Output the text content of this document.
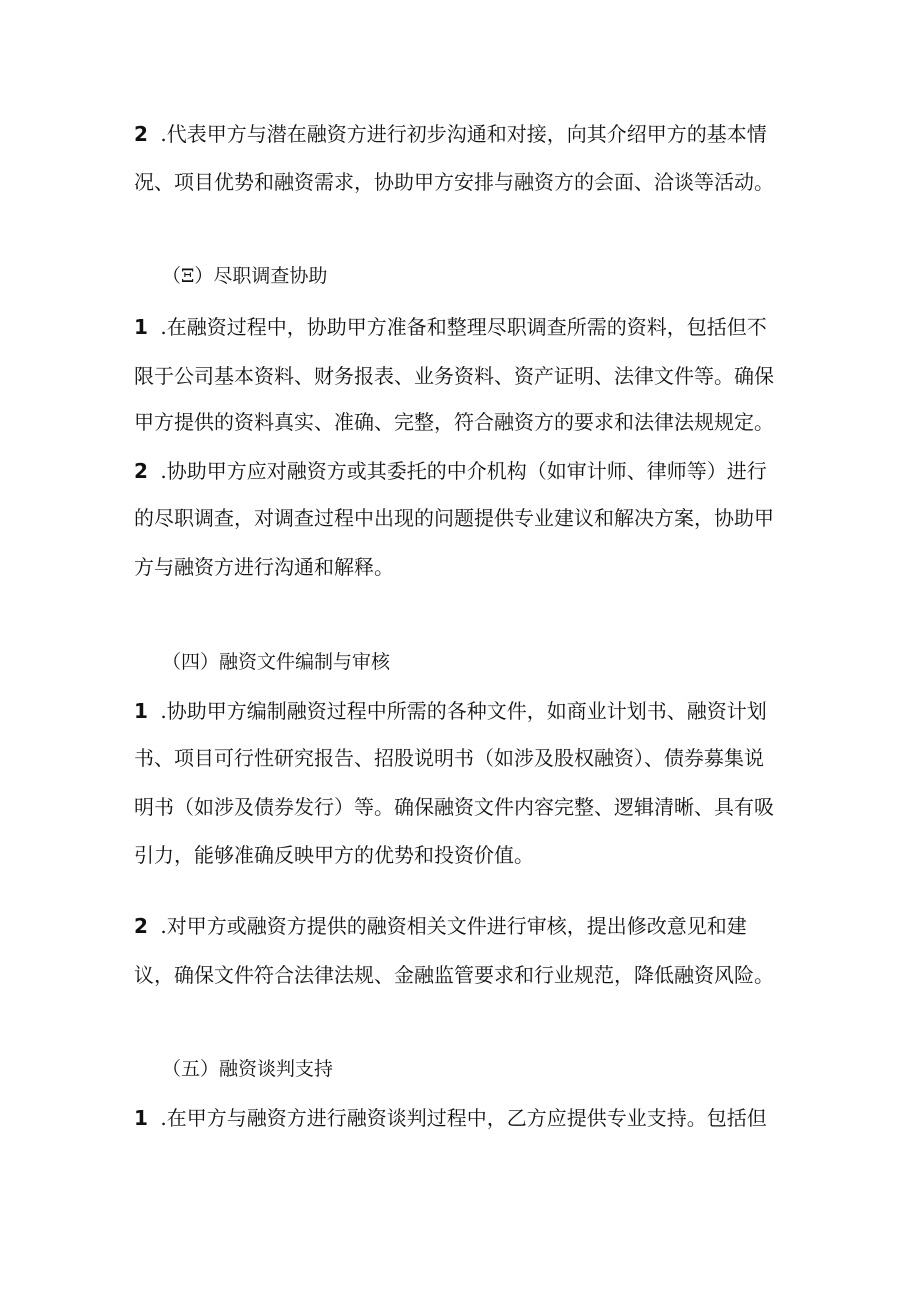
2 .代表甲方与潜在融资方进行初步沟通和对接，向其介绍甲方的基本情
况、项目优势和融资需求，协助甲方安排与融资方的会面、洽谈等活动。
（Ξ）尽职调查协助
1 .在融资过程中，协助甲方准备和整理尽职调查所需的资料，包括但不
限于公司基本资料、财务报表、业务资料、资产证明、法律文件等。确保
甲方提供的资料真实、准确、完整，符合融资方的要求和法律法规规定。
2 .协助甲方应对融资方或其委托的中介机构（如审计师、律师等）进行
的尽职调查，对调查过程中出现的问题提供专业建议和解决方案，协助甲
方与融资方进行沟通和解释。
（四）融资文件编制与审核
1 .协助甲方编制融资过程中所需的各种文件，如商业计划书、融资计划
书、项目可行性研究报告、招股说明书（如涉及股权融资）、债券募集说
明书（如涉及债券发行）等。确保融资文件内容完整、逻辑清晰、具有吸
引力，能够准确反映甲方的优势和投资价值。
2 .对甲方或融资方提供的融资相关文件进行审核，提出修改意见和建
议，确保文件符合法律法规、金融监管要求和行业规范，降低融资风险。
（五）融资谈判支持
1 .在甲方与融资方进行融资谈判过程中，乙方应提供专业支持。包括但
